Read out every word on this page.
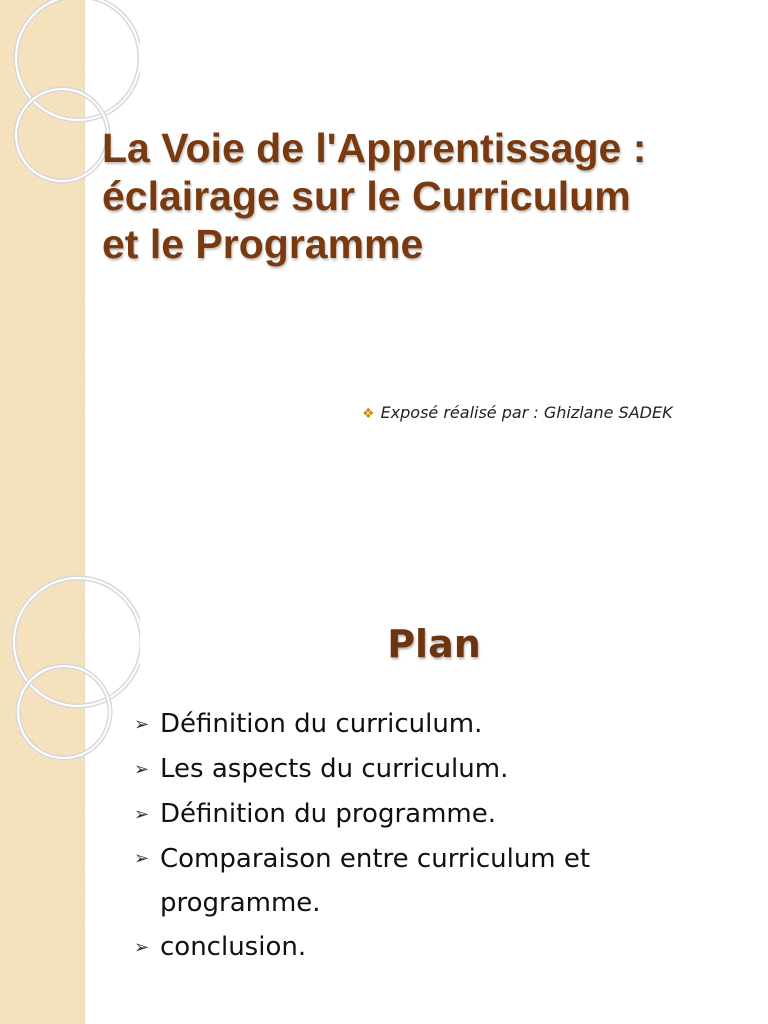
La Voie de l'Apprentissage :
éclairage sur le Curriculum
et le Programme
❖ Exposé réalisé par : Ghizlane SADEK
Plan
➢ Définition du curriculum.
➢ Les aspects du curriculum.
➢ Définition du programme.
➢ Comparaison entre curriculum et programme.
➢ conclusion.
